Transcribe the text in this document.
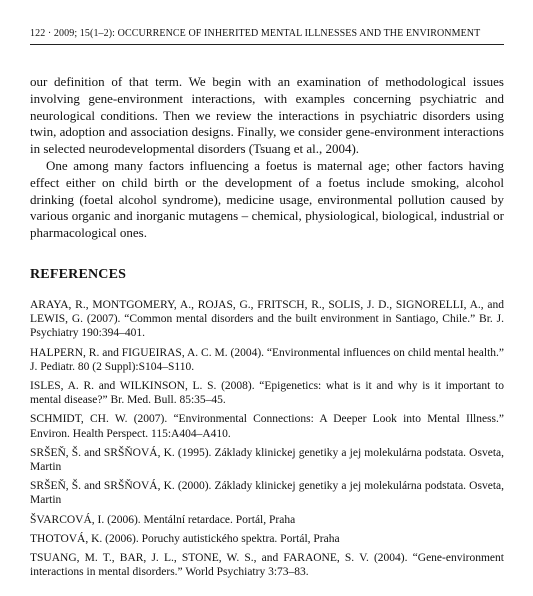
122 · 2009; 15(1–2): OCCURRENCE OF INHERITED MENTAL ILLNESSES AND THE ENVIRONMENT

our definition of that term. We begin with an examination of methodological issues involving gene-environment interactions, with examples concerning psychiatric and neurological conditions. Then we review the interactions in psychiatric disorders using twin, adoption and association designs. Finally, we consider gene-environment interactions in selected neurodevelopmental disorders (Tsuang et al., 2004).

One among many factors influencing a foetus is maternal age; other factors having effect either on child birth or the development of a foetus include smoking, alcohol drinking (foetal alcohol syndrome), medicine usage, environmental pollution caused by various organic and inorganic mutagens – chemical, physiological, biological, industrial or pharmacological ones.

REFERENCES

ARAYA, R., MONTGOMERY, A., ROJAS, G., FRITSCH, R., SOLIS, J. D., SIGNORELLI, A., and LEWIS, G. (2007). “Common mental disorders and the built environment in Santiago, Chile.” Br. J. Psychiatry 190:394–401.

HALPERN, R. and FIGUEIRAS, A. C. M. (2004). “Environmental influences on child mental health.” J. Pediatr. 80 (2 Suppl):S104–S110.

ISLES, A. R. and WILKINSON, L. S. (2008). “Epigenetics: what is it and why is it important to mental disease?” Br. Med. Bull. 85:35–45.

SCHMIDT, CH. W. (2007). “Environmental Connections: A Deeper Look into Mental Illness.” Environ. Health Perspect. 115:A404–A410.

SRŠEŇ, Š. and SRŠŇOVÁ, K. (1995). Základy klinickej genetiky a jej molekulárna podstata. Osveta, Martin

SRŠEŇ, Š. and SRŠŇOVÁ, K. (2000). Základy klinickej genetiky a jej molekulárna podstata. Osveta, Martin

ŠVARCOVÁ, I. (2006). Mentální retardace. Portál, Praha

THOTOVÁ, K. (2006). Poruchy autistického spektra. Portál, Praha

TSUANG, M. T., BAR, J. L., STONE, W. S., and FARAONE, S. V. (2004). “Gene-environment interactions in mental disorders.” World Psychiatry 3:73–83.
